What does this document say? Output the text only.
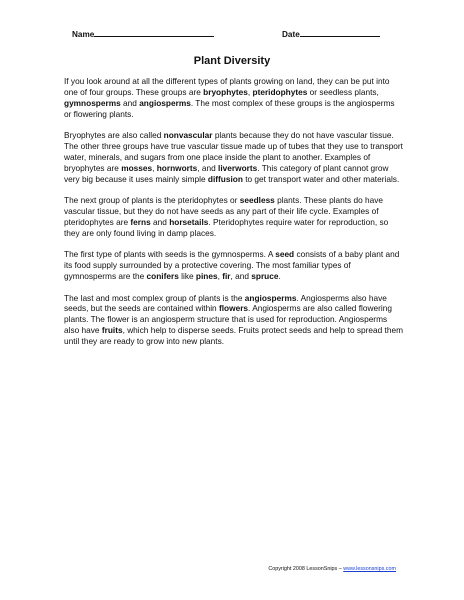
Name	Date
Plant Diversity

If you look around at all the different types of plants growing on land, they can be put into one of four groups. These groups are bryophytes, pteridophytes or seedless plants, gymnosperms and angiosperms. The most complex of these groups is the angiosperms or flowering plants.

Bryophytes are also called nonvascular plants because they do not have vascular tissue. The other three groups have true vascular tissue made up of tubes that they use to transport water, minerals, and sugars from one place inside the plant to another. Examples of bryophytes are mosses, hornworts, and liverworts. This category of plant cannot grow very big because it uses mainly simple diffusion to get transport water and other materials.

The next group of plants is the pteridophytes or seedless plants. These plants do have vascular tissue, but they do not have seeds as any part of their life cycle. Examples of pteridophytes are ferns and horsetails. Pteridophytes require water for reproduction, so they are only found living in damp places.

The first type of plants with seeds is the gymnosperms. A seed consists of a baby plant and its food supply surrounded by a protective covering. The most familiar types of gymnosperms are the conifers like pines, fir, and spruce.

The last and most complex group of plants is the angiosperms. Angiosperms also have seeds, but the seeds are contained within flowers. Angiosperms are also called flowering plants. The flower is an angiosperm structure that is used for reproduction. Angiosperms also have fruits, which help to disperse seeds. Fruits protect seeds and help to spread them until they are ready to grow into new plants.

Copyright 2008 LessonSnips – www.lessonsnips.com
